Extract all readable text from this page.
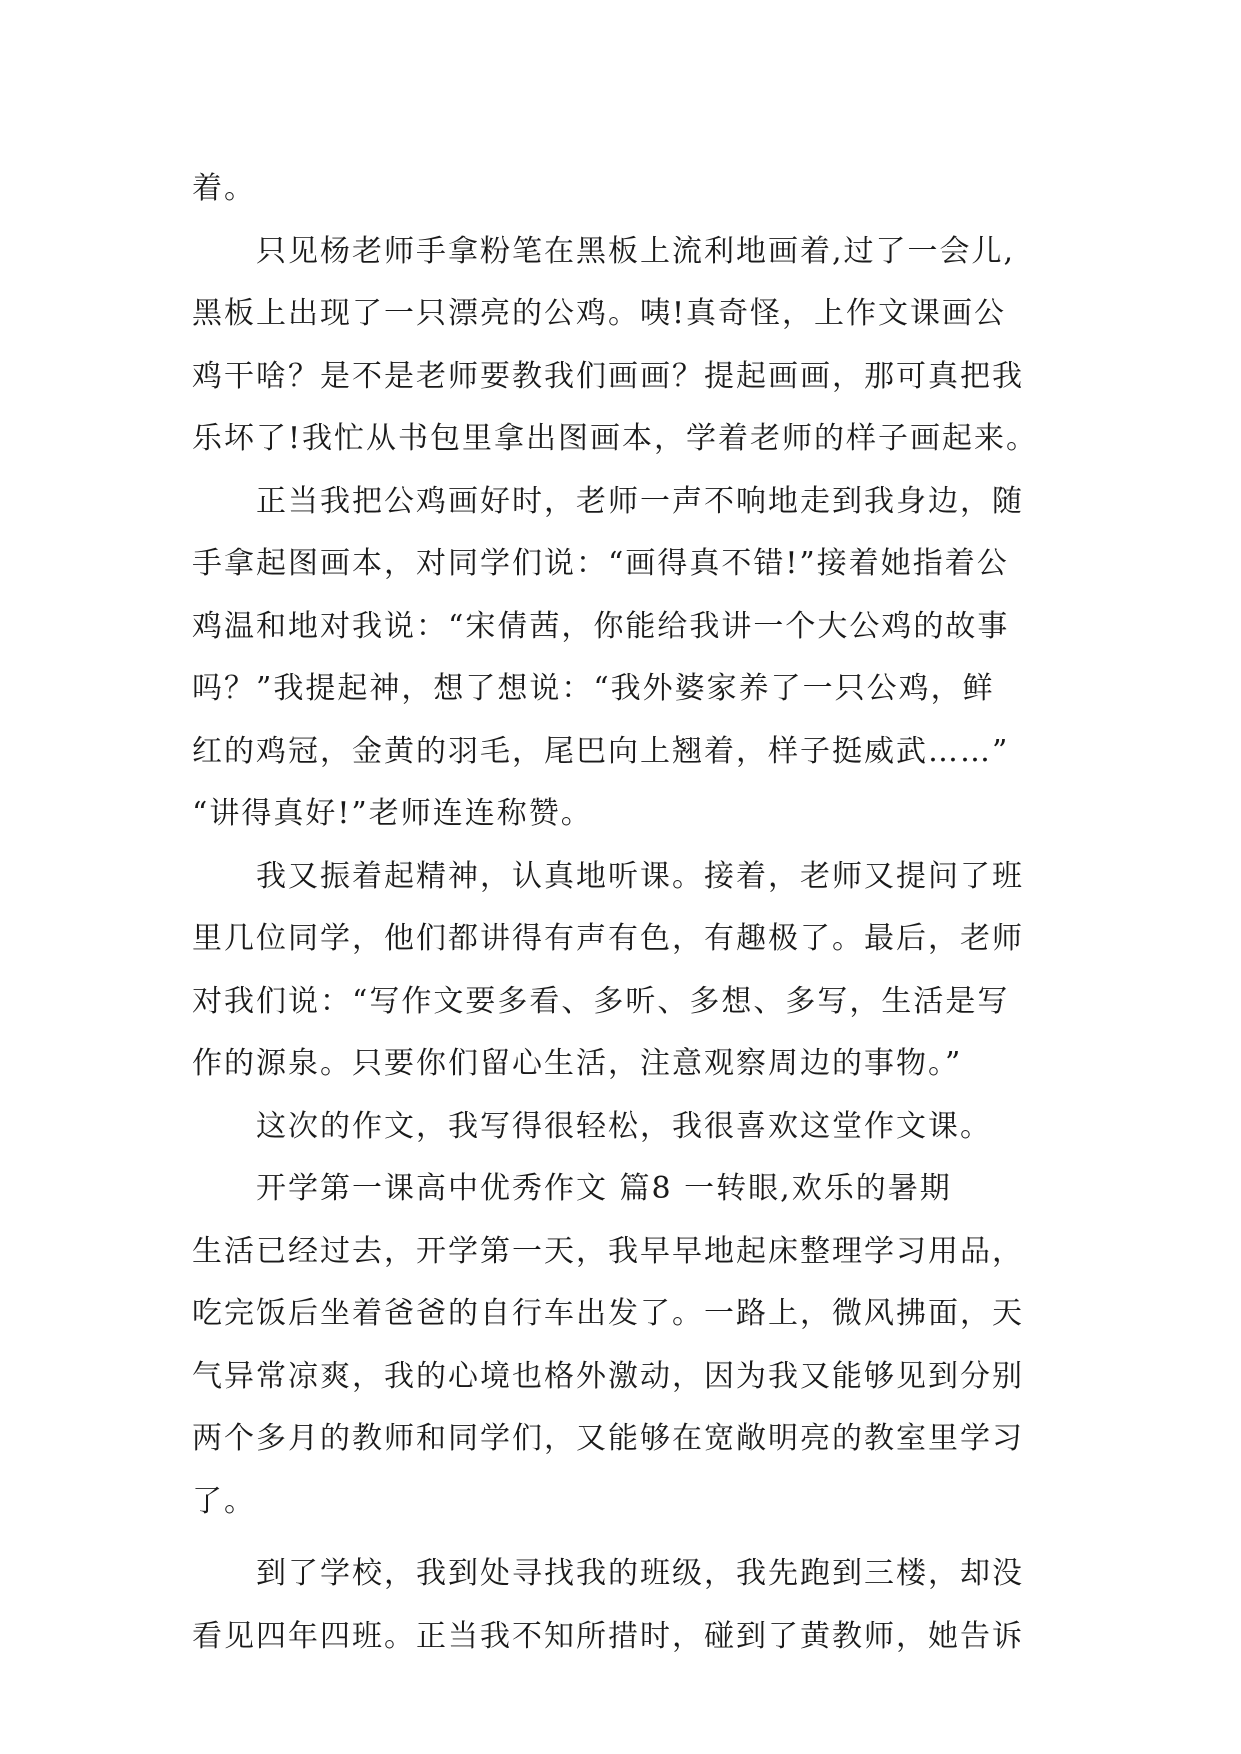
着。
只见杨老师手拿粉笔在黑板上流利地画着,过了一会儿,
黑板上出现了一只漂亮的公鸡。咦!真奇怪，上作文课画公
鸡干啥？是不是老师要教我们画画？提起画画，那可真把我
乐坏了!我忙从书包里拿出图画本，学着老师的样子画起来。
正当我把公鸡画好时，老师一声不响地走到我身边，随
手拿起图画本，对同学们说：“画得真不错!”接着她指着公
鸡温和地对我说：“宋倩茜，你能给我讲一个大公鸡的故事
吗？”我提起神，想了想说：“我外婆家养了一只公鸡，鲜
红的鸡冠，金黄的羽毛，尾巴向上翘着，样子挺威武……”
“讲得真好!”老师连连称赞。
我又振着起精神，认真地听课。接着，老师又提问了班
里几位同学，他们都讲得有声有色，有趣极了。最后，老师
对我们说：“写作文要多看、多听、多想、多写，生活是写
作的源泉。只要你们留心生活，注意观察周边的事物。”
这次的作文，我写得很轻松，我很喜欢这堂作文课。
开学第一课高中优秀作文 篇8 一转眼,欢乐的暑期
生活已经过去，开学第一天，我早早地起床整理学习用品，
吃完饭后坐着爸爸的自行车出发了。一路上，微风拂面，天
气异常凉爽，我的心境也格外激动，因为我又能够见到分别
两个多月的教师和同学们，又能够在宽敞明亮的教室里学习
了。
到了学校，我到处寻找我的班级，我先跑到三楼，却没
看见四年四班。正当我不知所措时，碰到了黄教师，她告诉
